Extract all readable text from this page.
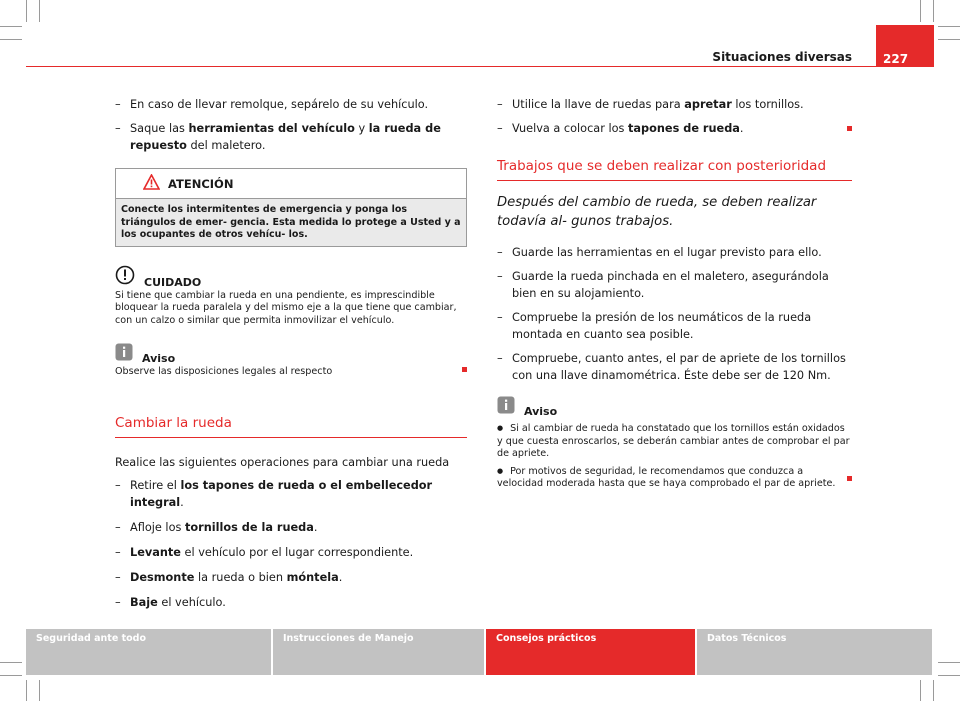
Situaciones diversas	227
– En caso de llevar remolque, sepárelo de su vehículo.
– Saque las herramientas del vehículo y la rueda de repuesto del maletero.
ATENCIÓN
Conecte los intermitentes de emergencia y ponga los triángulos de emer- gencia. Esta medida lo protege a Usted y a los ocupantes de otros vehícu- los.
CUIDADO
Si tiene que cambiar la rueda en una pendiente, es imprescindible bloquear la rueda paralela y del mismo eje a la que tiene que cambiar, con un calzo o similar que permita inmovilizar el vehículo.
Aviso
Observe las disposiciones legales al respecto
Cambiar la rueda
Realice las siguientes operaciones para cambiar una rueda
– Retire el los tapones de rueda o el embellecedor integral.
– Afloje los tornillos de la rueda.
– Levante el vehículo por el lugar correspondiente.
– Desmonte la rueda o bien móntela.
– Baje el vehículo.
– Utilice la llave de ruedas para apretar los tornillos.
– Vuelva a colocar los tapones de rueda.
Trabajos que se deben realizar con posterioridad
Después del cambio de rueda, se deben realizar todavía al- gunos trabajos.
– Guarde las herramientas en el lugar previsto para ello.
– Guarde la rueda pinchada en el maletero, asegurándola bien en su alojamiento.
– Compruebe la presión de los neumáticos de la rueda montada en cuanto sea posible.
– Compruebe, cuanto antes, el par de apriete de los tornillos con una llave dinamométrica. Éste debe ser de 120 Nm.
Aviso
● Si al cambiar de rueda ha constatado que los tornillos están oxidados y que cuesta enroscarlos, se deberán cambiar antes de comprobar el par de apriete.
● Por motivos de seguridad, le recomendamos que conduzca a velocidad moderada hasta que se haya comprobado el par de apriete.
Seguridad ante todo	Instrucciones de Manejo	Consejos prácticos	Datos Técnicos
